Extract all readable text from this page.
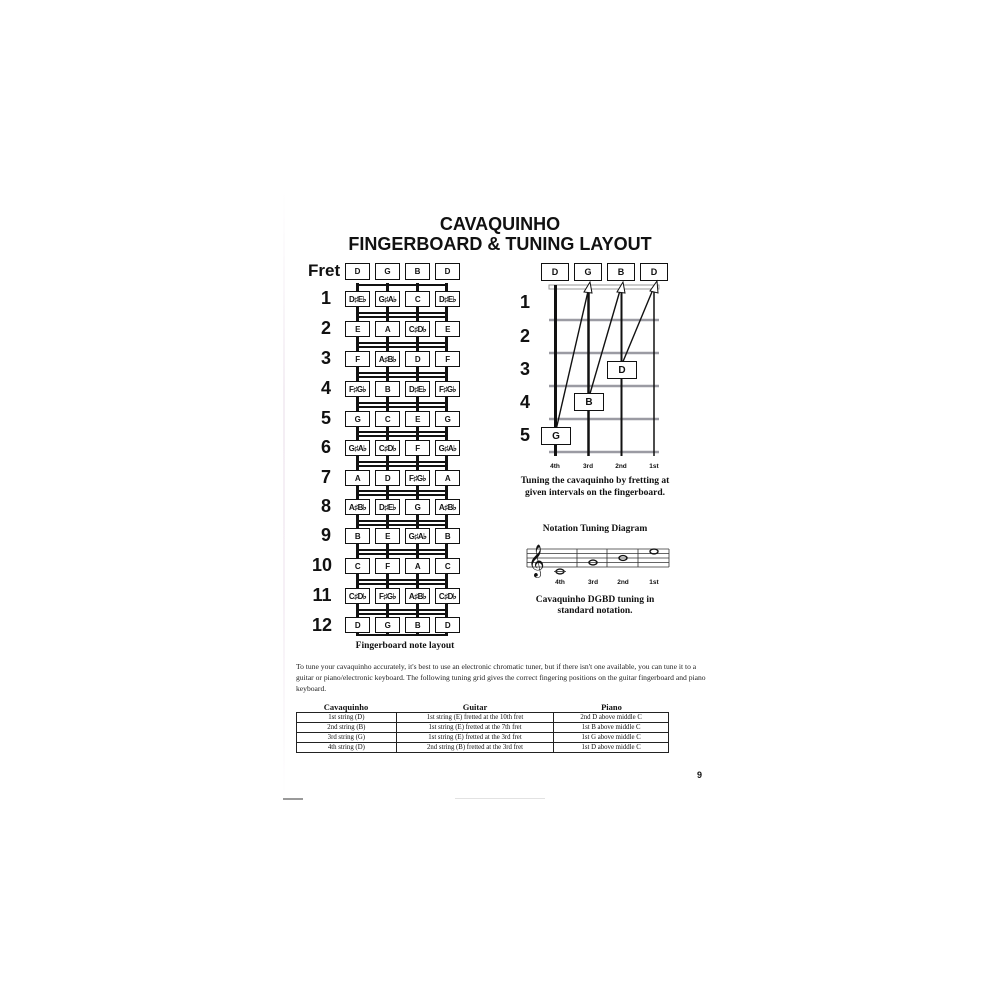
CAVAQUINHO
FINGERBOARD & TUNING LAYOUT
Fret	D	G	B	D
1	D♯E♭	G♯A♭	C	D♯E♭
2	E	A	C♯D♭	E
3	F	A♯B♭	D	F
4	F♯G♭	B	D♯E♭	F♯G♭
5	G	C	E	G
6	G♯A♭	C♯D♭	F	G♯A♭
7	A	D	F♯G♭	A
8	A♯B♭	D♯E♭	G	A♯B♭
9	B	E	G♯A♭	B
10	C	F	A	C
11	C♯D♭	F♯G♭	A♯B♭	C♯D♭
12	D	G	B	D
Fingerboard note layout
D	G	B	D
1
2
3
4
5	G
B
D
4th	3rd	2nd	1st
Tuning the cavaquinho by fretting at
given intervals on the fingerboard.
Notation Tuning Diagram
𝄞
4th	3rd	2nd	1st
Cavaquinho DGBD tuning in
standard notation.
To tune your cavaquinho accurately, it's best to use an electronic chromatic tuner, but if there isn't one available, you can tune it to a guitar or piano/electronic keyboard. The following tuning grid gives the correct fingering positions on the guitar fingerboard and piano keyboard.
Cavaquinho	Guitar	Piano
1st string (D)	1st string (E) fretted at the 10th fret	2nd D above middle C
2nd string (B)	1st string (E) fretted at the 7th fret	1st B above middle C
3rd string (G)	1st string (E) fretted at the 3rd fret	1st G above middle C
4th string (D)	2nd string (B) fretted at the 3rd fret	1st D above middle C
9
